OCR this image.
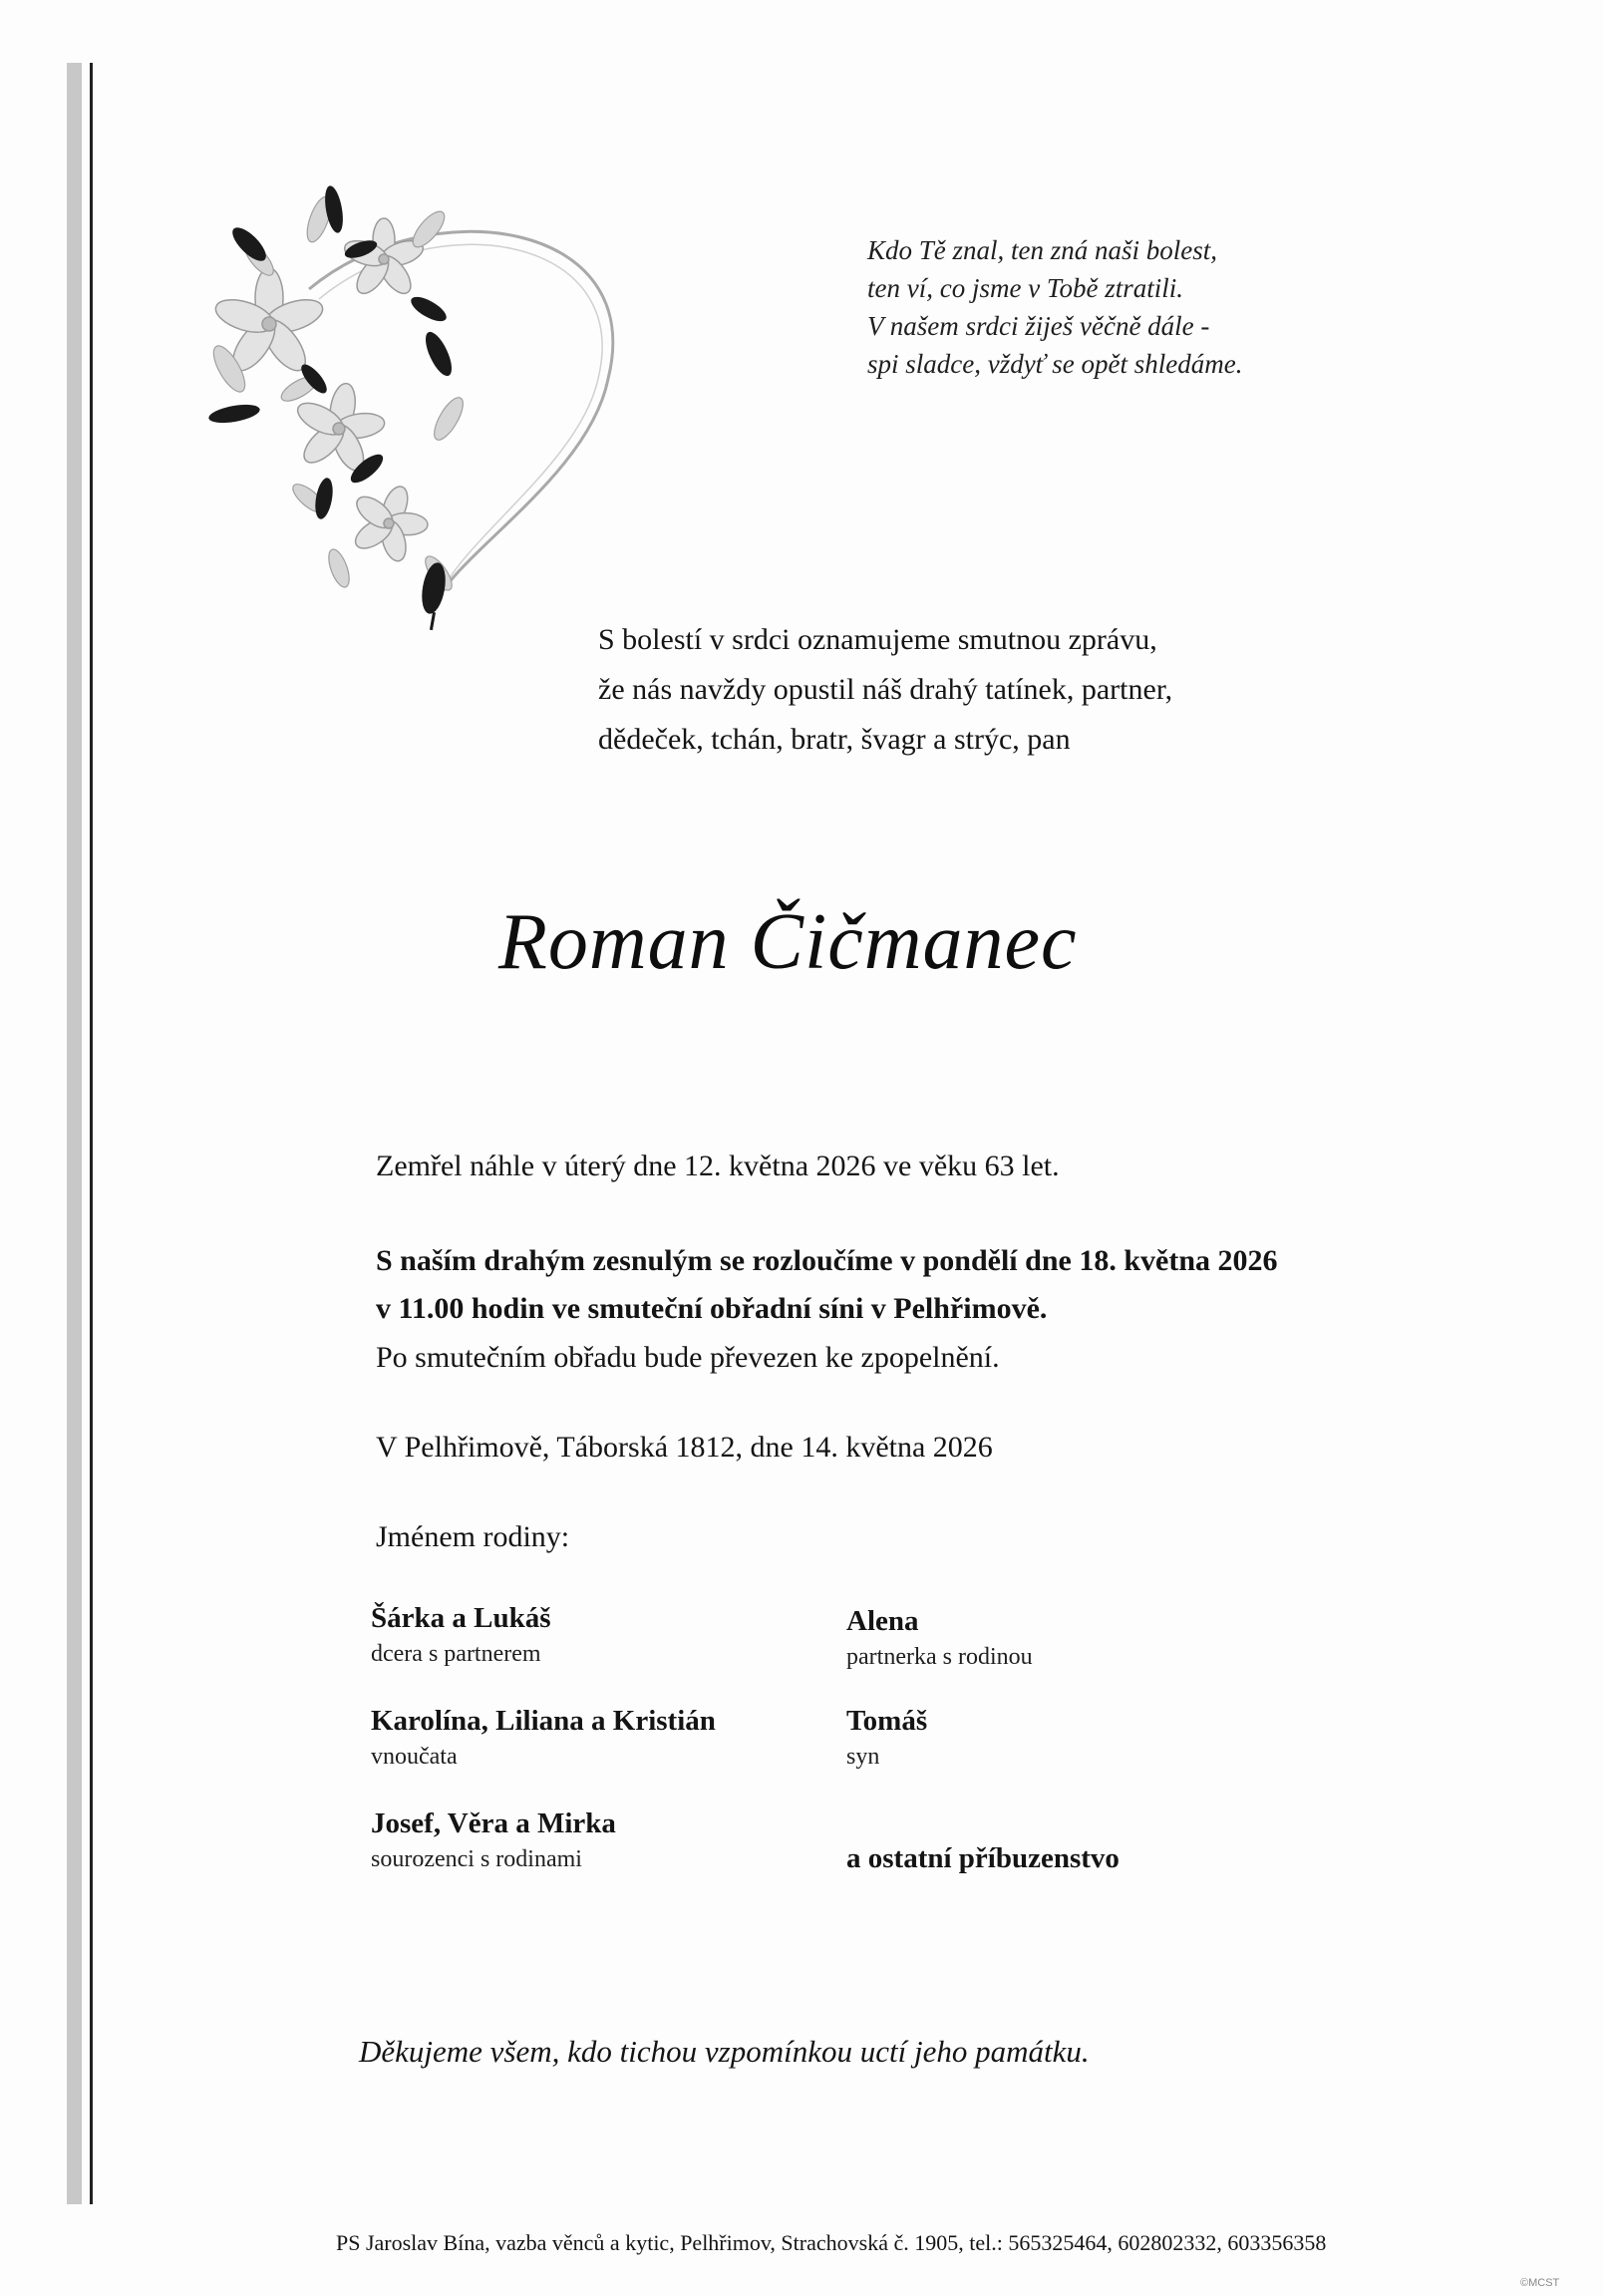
Kdo Tě znal, ten zná naši bolest,
ten ví, co jsme v Tobě ztratili.
V našem srdci žiješ věčně dále -
spi sladce, vždyť se opět shledáme.
S bolestí v srdci oznamujeme smutnou zprávu,
že nás navždy opustil náš drahý tatínek, partner,
dědeček, tchán, bratr, švagr a strýc, pan
Roman Čičmanec
Zemřel náhle v úterý dne 12. května 2026 ve věku 63 let.
S naším drahým zesnulým se rozloučíme v pondělí dne 18. května 2026
v 11.00 hodin ve smuteční obřadní síni v Pelhřimově.
Po smutečním obřadu bude převezen ke zpopelnění.
V Pelhřimově, Táborská 1812, dne 14. května 2026
Jménem rodiny:
Šárka a Lukáš
dcera s partnerem
Alena
partnerka s rodinou
Karolína, Liliana a Kristián
vnoučata
Tomáš
syn
Josef, Věra a Mirka
sourozenci s rodinami	a ostatní příbuzenstvo
Děkujeme všem, kdo tichou vzpomínkou uctí jeho památku.
PS Jaroslav Bína, vazba věnců a kytic, Pelhřimov, Strachovská č. 1905, tel.: 565325464, 602802332, 603356358
©MCST
